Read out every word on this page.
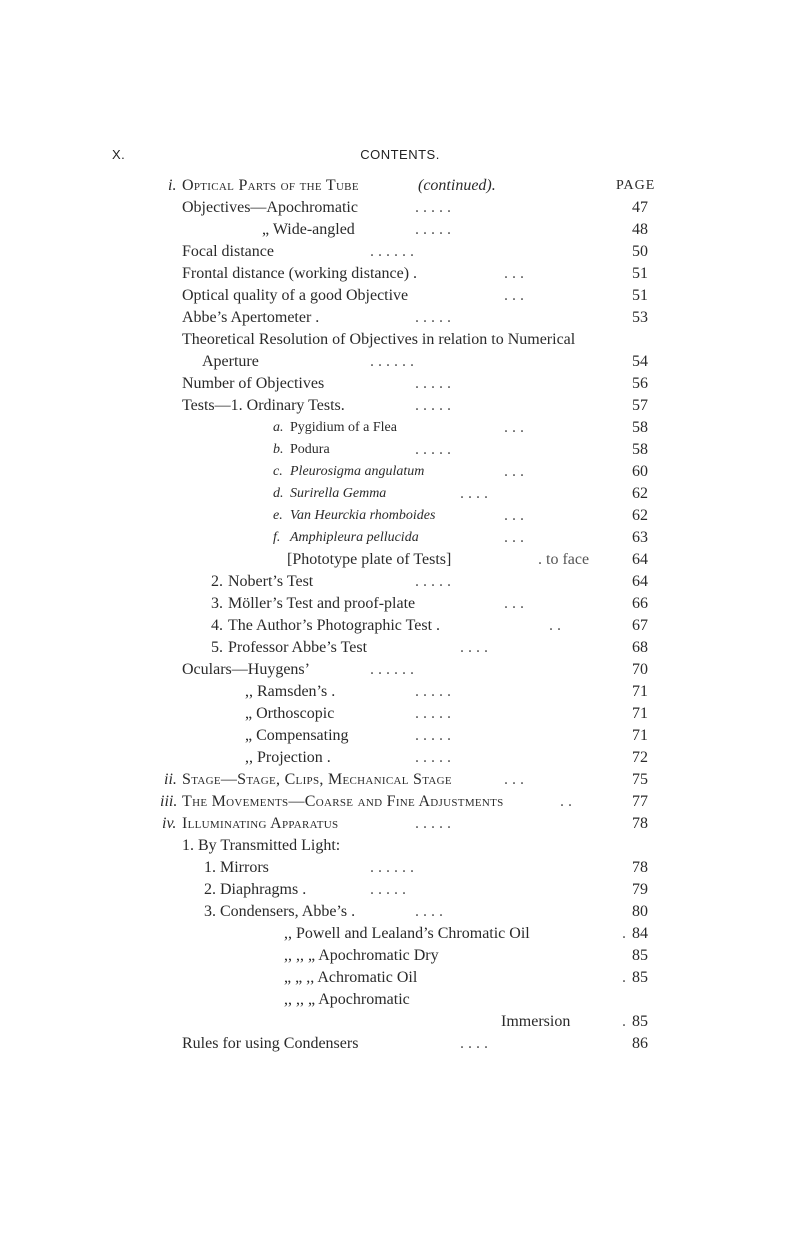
X.	CONTENTS.
i. Optical Parts of the Tube	(continued).	PAGE
Objectives—Apochromatic	. . . . .	47
„ Wide-angled	. . . . .	48
Focal distance	. . . . . .	50
Frontal distance (working distance) .	. . .	51
Optical quality of a good Objective	. . .	51
Abbe’s Apertometer .	. . . . .	53
Theoretical Resolution of Objectives in relation to Numerical
Aperture	. . . . . .	54
Number of Objectives	. . . . .	56
Tests—1. Ordinary Tests.	. . . . .	57
a. Pygidium of a Flea	. . .	58
b. Podura	. . . . .	58
c. Pleurosigma angulatum	. . .	60
d. Surirella Gemma	. . . .	62
e. Van Heurckia rhomboides	. . .	62
f. Amphipleura pellucida	. . .	63
[Phototype plate of Tests]	. to face	64
2. Nobert’s Test	. . . . .	64
3. Möller’s Test and proof-plate	. . .	66
4. The Author’s Photographic Test .	. .	67
5. Professor Abbe’s Test	. . . .	68
Oculars—Huygens’	. . . . . .	70
,, Ramsden’s .	. . . . .	71
„ Orthoscopic	. . . . .	71
„ Compensating	. . . . .	71
,, Projection .	. . . . .	72
ii. Stage—Stage, Clips, Mechanical Stage	. . .	75
iii. The Movements—Coarse and Fine Adjustments	. .	77
iv. Illuminating Apparatus	. . . . .	78
1. By Transmitted Light:
1. Mirrors	. . . . . .	78
2. Diaphragms .	. . . . .	79
3. Condensers, Abbe’s .	. . . .	80
,, Powell and Lealand’s Chromatic Oil	. 84
,, ,, „ Apochromatic Dry	85
„ „ ,, Achromatic Oil	. 85
,, ,, „ Apochromatic
Immersion	. 85
Rules for using Condensers	. . . .	86
